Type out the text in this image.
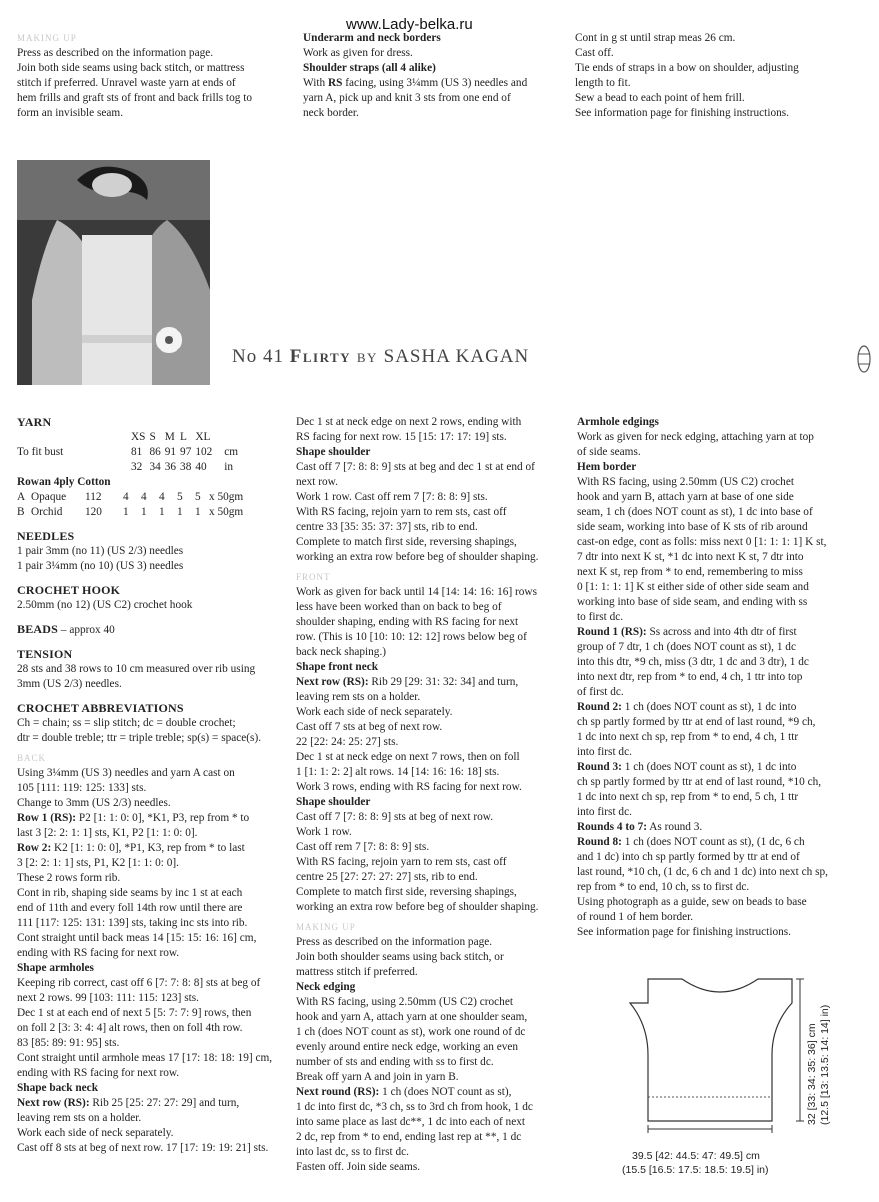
www.Lady-belka.ru

MAKING UP

Press as described on the information page.

Join both side seams using back stitch, or mattress

stitch if preferred. Unravel waste yarn at ends of

hem frills and graft sts of front and back frills tog to

form an invisible seam.

Underarm and neck borders

Work as given for dress.

Shoulder straps (all 4 alike)

With RS facing, using 3¼mm (US 3) needles and

yarn A, pick up and knit 3 sts from one end of

neck border.

Cont in g st until strap meas 26 cm.

Cast off.

Tie ends of straps in a bow on shoulder, adjusting

length to fit.

Sew a bead to each point of hem frill.

See information page for finishing instructions.

No 41 Flirty by SASHA KAGAN

YARN

	XS	S	M	L	XL	
To fit bust	81	86	91	97	102	cm
	32	34	36	38	40	in

Rowan 4ply Cotton

A	Opaque	112	4	4	4	5	5	x 50gm
B	Orchid	120	1	1	1	1	1	x 50gm

NEEDLES

1 pair 3mm (no 11) (US 2/3) needles

1 pair 3¼mm (no 10) (US 3) needles

CROCHET HOOK

2.50mm (no 12) (US C2) crochet hook

BEADS – approx 40

TENSION

28 sts and 38 rows to 10 cm measured over rib using

3mm (US 2/3) needles.

CROCHET ABBREVIATIONS

Ch = chain; ss = slip stitch; dc = double crochet;

dtr = double treble; ttr = triple treble; sp(s) = space(s).

BACK

Using 3¼mm (US 3) needles and yarn A cast on

105 [111: 119: 125: 133] sts.

Change to 3mm (US 2/3) needles.

Row 1 (RS): P2 [1: 1: 0: 0], *K1, P3, rep from * to

last 3 [2: 2: 1: 1] sts, K1, P2 [1: 1: 0: 0].

Row 2: K2 [1: 1: 0: 0], *P1, K3, rep from * to last

3 [2: 2: 1: 1] sts, P1, K2 [1: 1: 0: 0].

These 2 rows form rib.

Cont in rib, shaping side seams by inc 1 st at each

end of 11th and every foll 14th row until there are

111 [117: 125: 131: 139] sts, taking inc sts into rib.

Cont straight until back meas 14 [15: 15: 16: 16] cm,

ending with RS facing for next row.

Shape armholes

Keeping rib correct, cast off 6 [7: 7: 8: 8] sts at beg of

next 2 rows. 99 [103: 111: 115: 123] sts.

Dec 1 st at each end of next 5 [5: 7: 7: 9] rows, then

on foll 2 [3: 3: 4: 4] alt rows, then on foll 4th row.

83 [85: 89: 91: 95] sts.

Cont straight until armhole meas 17 [17: 18: 18: 19] cm,

ending with RS facing for next row.

Shape back neck

Next row (RS): Rib 25 [25: 27: 27: 29] and turn,

leaving rem sts on a holder.

Work each side of neck separately.

Cast off 8 sts at beg of next row. 17 [17: 19: 19: 21] sts.

Dec 1 st at neck edge on next 2 rows, ending with

RS facing for next row. 15 [15: 17: 17: 19] sts.

Shape shoulder

Cast off 7 [7: 8: 8: 9] sts at beg and dec 1 st at end of

next row.

Work 1 row. Cast off rem 7 [7: 8: 8: 9] sts.

With RS facing, rejoin yarn to rem sts, cast off

centre 33 [35: 35: 37: 37] sts, rib to end.

Complete to match first side, reversing shapings,

working an extra row before beg of shoulder shaping.

FRONT

Work as given for back until 14 [14: 14: 16: 16] rows

less have been worked than on back to beg of

shoulder shaping, ending with RS facing for next

row. (This is 10 [10: 10: 12: 12] rows below beg of

back neck shaping.)

Shape front neck

Next row (RS): Rib 29 [29: 31: 32: 34] and turn,

leaving rem sts on a holder.

Work each side of neck separately.

Cast off 7 sts at beg of next row.

22 [22: 24: 25: 27] sts.

Dec 1 st at neck edge on next 7 rows, then on foll

1 [1: 1: 2: 2] alt rows. 14 [14: 16: 16: 18] sts.

Work 3 rows, ending with RS facing for next row.

Shape shoulder

Cast off 7 [7: 8: 8: 9] sts at beg of next row.

Work 1 row.

Cast off rem 7 [7: 8: 8: 9] sts.

With RS facing, rejoin yarn to rem sts, cast off

centre 25 [27: 27: 27: 27] sts, rib to end.

Complete to match first side, reversing shapings,

working an extra row before beg of shoulder shaping.

MAKING UP

Press as described on the information page.

Join both shoulder seams using back stitch, or

mattress stitch if preferred.

Neck edging

With RS facing, using 2.50mm (US C2) crochet

hook and yarn A, attach yarn at one shoulder seam,

1 ch (does NOT count as st), work one round of dc

evenly around entire neck edge, working an even

number of sts and ending with ss to first dc.

Break off yarn A and join in yarn B.

Next round (RS): 1 ch (does NOT count as st),

1 dc into first dc, *3 ch, ss to 3rd ch from hook, 1 dc

into same place as last dc**, 1 dc into each of next

2 dc, rep from * to end, ending last rep at **, 1 dc

into last dc, ss to first dc.

Fasten off. Join side seams.

Armhole edgings

Work as given for neck edging, attaching yarn at top

of side seams.

Hem border

With RS facing, using 2.50mm (US C2) crochet

hook and yarn B, attach yarn at base of one side

seam, 1 ch (does NOT count as st), 1 dc into base of

side seam, working into base of K sts of rib around

cast-on edge, cont as folls: miss next 0 [1: 1: 1: 1] K st,

7 dtr into next K st, *1 dc into next K st, 7 dtr into

next K st, rep from * to end, remembering to miss

0 [1: 1: 1: 1] K st either side of other side seam and

working into base of side seam, and ending with ss

to first dc.

Round 1 (RS): Ss across and into 4th dtr of first

group of 7 dtr, 1 ch (does NOT count as st), 1 dc

into this dtr, *9 ch, miss (3 dtr, 1 dc and 3 dtr), 1 dc

into next dtr, rep from * to end, 4 ch, 1 ttr into top

of first dc.

Round 2: 1 ch (does NOT count as st), 1 dc into

ch sp partly formed by ttr at end of last round, *9 ch,

1 dc into next ch sp, rep from * to end, 4 ch, 1 ttr

into first dc.

Round 3: 1 ch (does NOT count as st), 1 dc into

ch sp partly formed by ttr at end of last round, *10 ch,

1 dc into next ch sp, rep from * to end, 5 ch, 1 ttr

into first dc.

Rounds 4 to 7: As round 3.

Round 8: 1 ch (does NOT count as st), (1 dc, 6 ch

and 1 dc) into ch sp partly formed by ttr at end of

last round, *10 ch, (1 dc, 6 ch and 1 dc) into next ch sp,

rep from * to end, 10 ch, ss to first dc.

Using photograph as a guide, sew on beads to base

of round 1 of hem border.

See information page for finishing instructions.

39.5 [42: 44.5: 47: 49.5] cm
(15.5 [16.5: 17.5: 18.5: 19.5] in)
32 [33: 34: 35: 36] cm (12.5 [13: 13.5: 14: 14] in)
